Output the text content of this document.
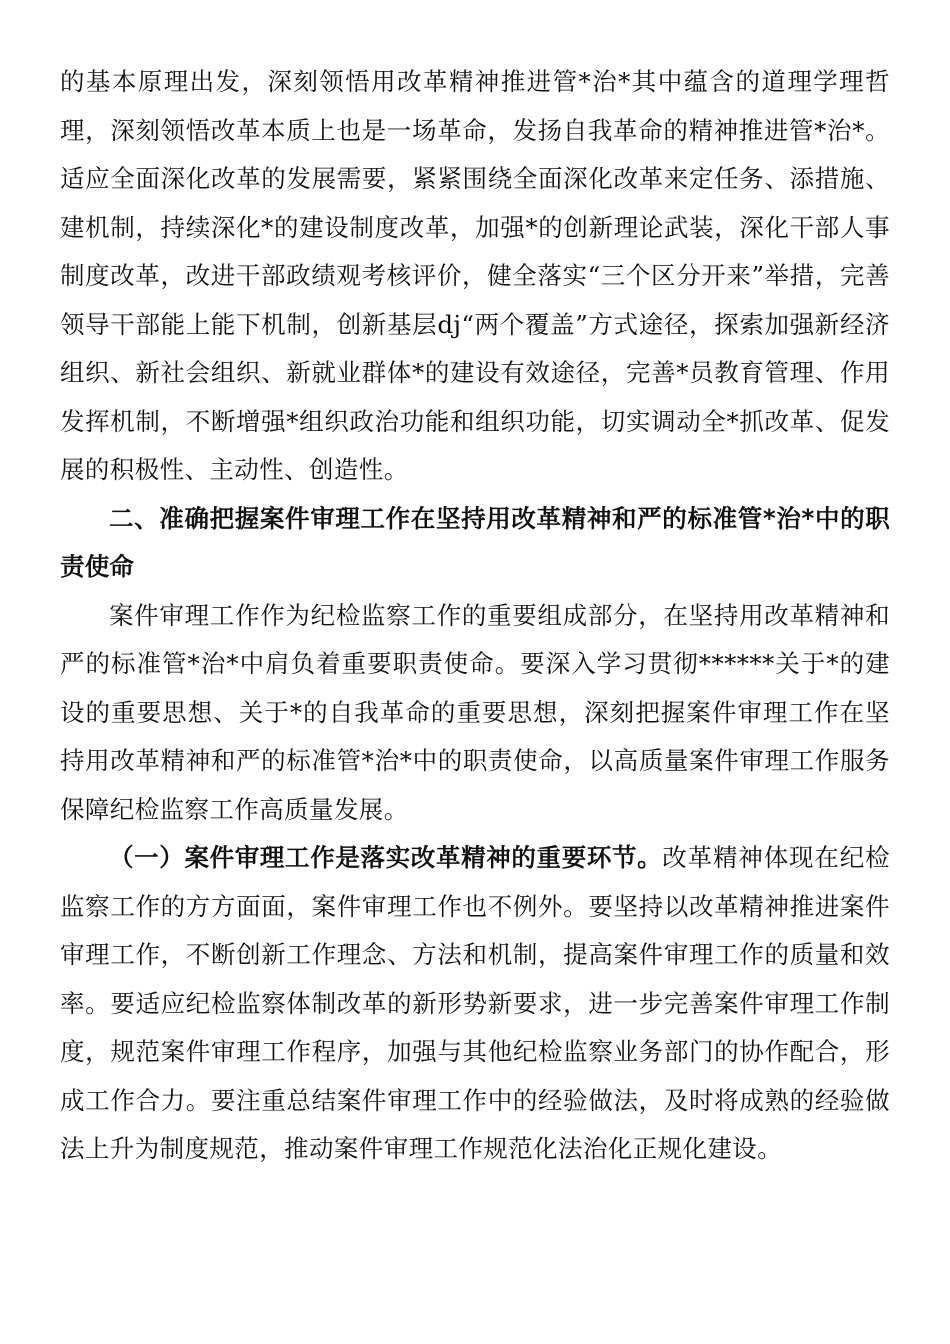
的基本原理出发，深刻领悟用改革精神推进管*治*其中蕴含的道理学理哲理，深刻领悟改革本质上也是一场革命，发扬自我革命的精神推进管*治*。适应全面深化改革的发展需要，紧紧围绕全面深化改革来定任务、添措施、建机制，持续深化*的建设制度改革，加强*的创新理论武装，深化干部人事制度改革，改进干部政绩观考核评价，健全落实“三个区分开来”举措，完善领导干部能上能下机制，创新基层dj“两个覆盖”方式途径，探索加强新经济组织、新社会组织、新就业群体*的建设有效途径，完善*员教育管理、作用发挥机制，不断增强*组织政治功能和组织功能，切实调动全*抓改革、促发展的积极性、主动性、创造性。

二、准确把握案件审理工作在坚持用改革精神和严的标准管*治*中的职责使命

案件审理工作作为纪检监察工作的重要组成部分，在坚持用改革精神和严的标准管*治*中肩负着重要职责使命。要深入学习贯彻******关于*的建设的重要思想、关于*的自我革命的重要思想，深刻把握案件审理工作在坚持用改革精神和严的标准管*治*中的职责使命，以高质量案件审理工作服务保障纪检监察工作高质量发展。

（一）案件审理工作是落实改革精神的重要环节。改革精神体现在纪检监察工作的方方面面，案件审理工作也不例外。要坚持以改革精神推进案件审理工作，不断创新工作理念、方法和机制，提高案件审理工作的质量和效率。要适应纪检监察体制改革的新形势新要求，进一步完善案件审理工作制度，规范案件审理工作程序，加强与其他纪检监察业务部门的协作配合，形成工作合力。要注重总结案件审理工作中的经验做法，及时将成熟的经验做法上升为制度规范，推动案件审理工作规范化法治化正规化建设。
